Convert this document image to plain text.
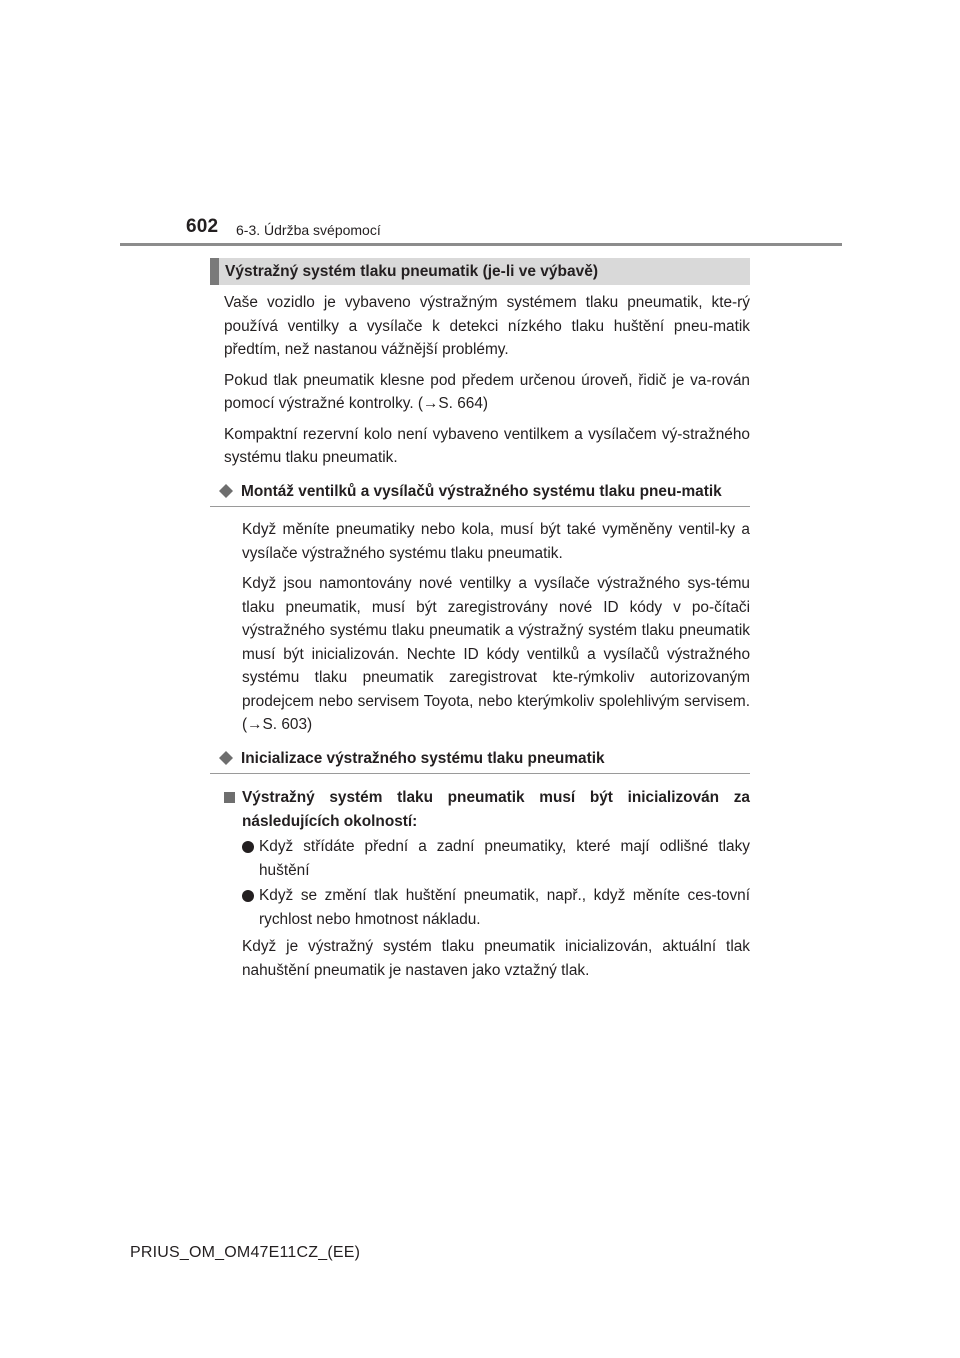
602 6-3. Údržba svépomocí
Výstražný systém tlaku pneumatik (je-li ve výbavě)

Vaše vozidlo je vybaveno výstražným systémem tlaku pneumatik, kte-rý používá ventilky a vysílače k detekci nízkého tlaku huštění pneu-matik předtím, než nastanou vážnější problémy.

Pokud tlak pneumatik klesne pod předem určenou úroveň, řidič je va-rován pomocí výstražné kontrolky. (→S. 664)

Kompaktní rezervní kolo není vybaveno ventilkem a vysílačem vý-stražného systému tlaku pneumatik.

Montáž ventilků a vysílačů výstražného systému tlaku pneu-matik

Když měníte pneumatiky nebo kola, musí být také vyměněny ventil-ky a vysílače výstražného systému tlaku pneumatik.

Když jsou namontovány nové ventilky a vysílače výstražného sys-tému tlaku pneumatik, musí být zaregistrovány nové ID kódy v po-čítači výstražného systému tlaku pneumatik a výstražný systém tlaku pneumatik musí být inicializován. Nechte ID kódy ventilků a vysílačů výstražného systému tlaku pneumatik zaregistrovat kte-rýmkoliv autorizovaným prodejcem nebo servisem Toyota, nebo kterýmkoliv spolehlivým servisem. (→S. 603)

Inicializace výstražného systému tlaku pneumatik
Výstražný systém tlaku pneumatik musí být inicializován za následujících okolností:

Když střídáte přední a zadní pneumatiky, které mají odlišné tlaky huštění

Když se změní tlak huštění pneumatik, např., když měníte ces-tovní rychlost nebo hmotnost nákladu.

Když je výstražný systém tlaku pneumatik inicializován, aktuální tlak nahuštění pneumatik je nastaven jako vztažný tlak.

PRIUS_OM_OM47E11CZ_(EE)
